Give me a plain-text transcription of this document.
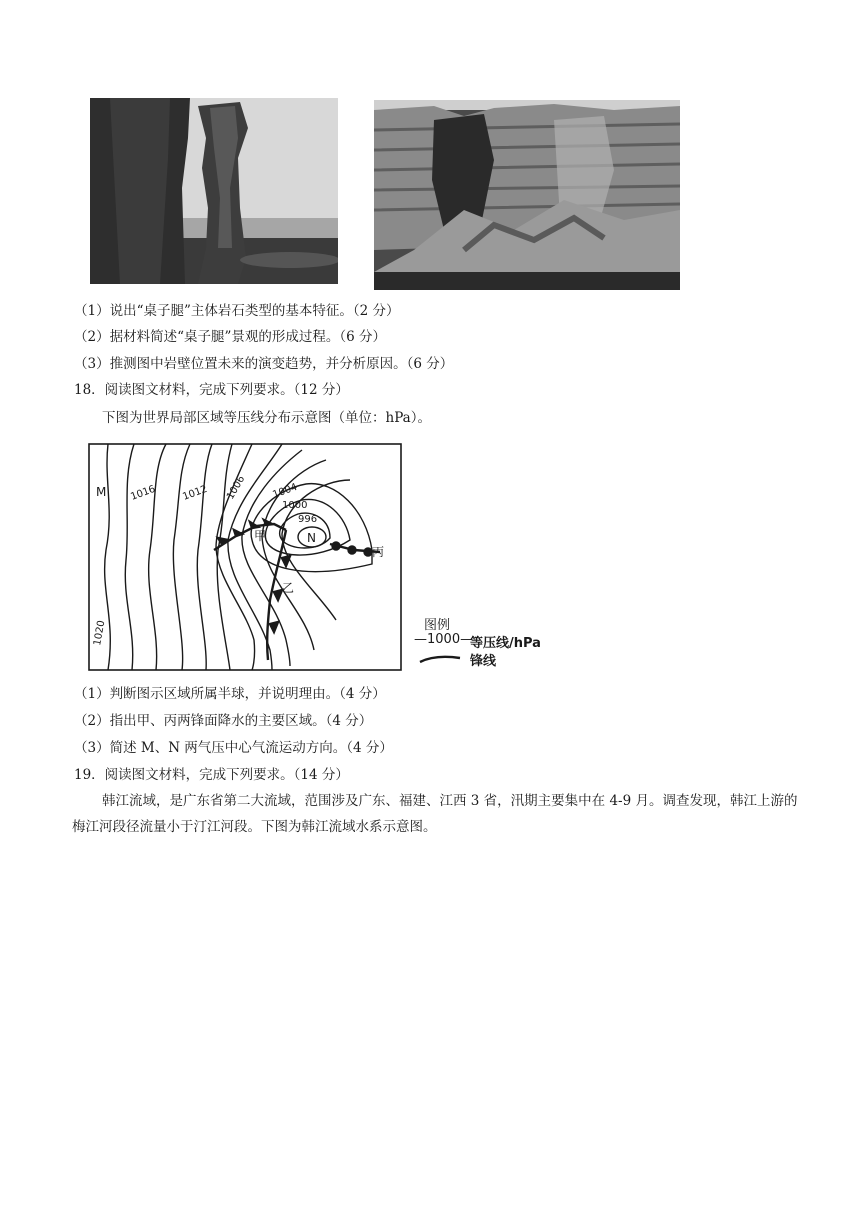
（1）说出“桌子腿”主体岩石类型的基本特征。（2 分）
（2）据材料简述“桌子腿”景观的形成过程。（6 分）
（3）推测图中岩壁位置未来的演变趋势，并分析原因。（6 分）
18．阅读图文材料，完成下列要求。（12 分）
下图为世界局部区域等压线分布示意图（单位：hPa）。
M
N
甲
乙
丙
1020
1016 1012 1006 1004
1000
996
图例
—1000—
等压线/hPa
锋线
（1）判断图示区域所属半球，并说明理由。（4 分）
（2）指出甲、丙两锋面降水的主要区域。（4 分）
（3）简述 M、N 两气压中心气流运动方向。（4 分）
19．阅读图文材料，完成下列要求。（14 分）
韩江流域，是广东省第二大流域，范围涉及广东、福建、江西 3 省，汛期主要集中在 4-9 月。调查发现，韩江上游的梅江河段径流量小于汀江河段。下图为韩江流域水系示意图。
